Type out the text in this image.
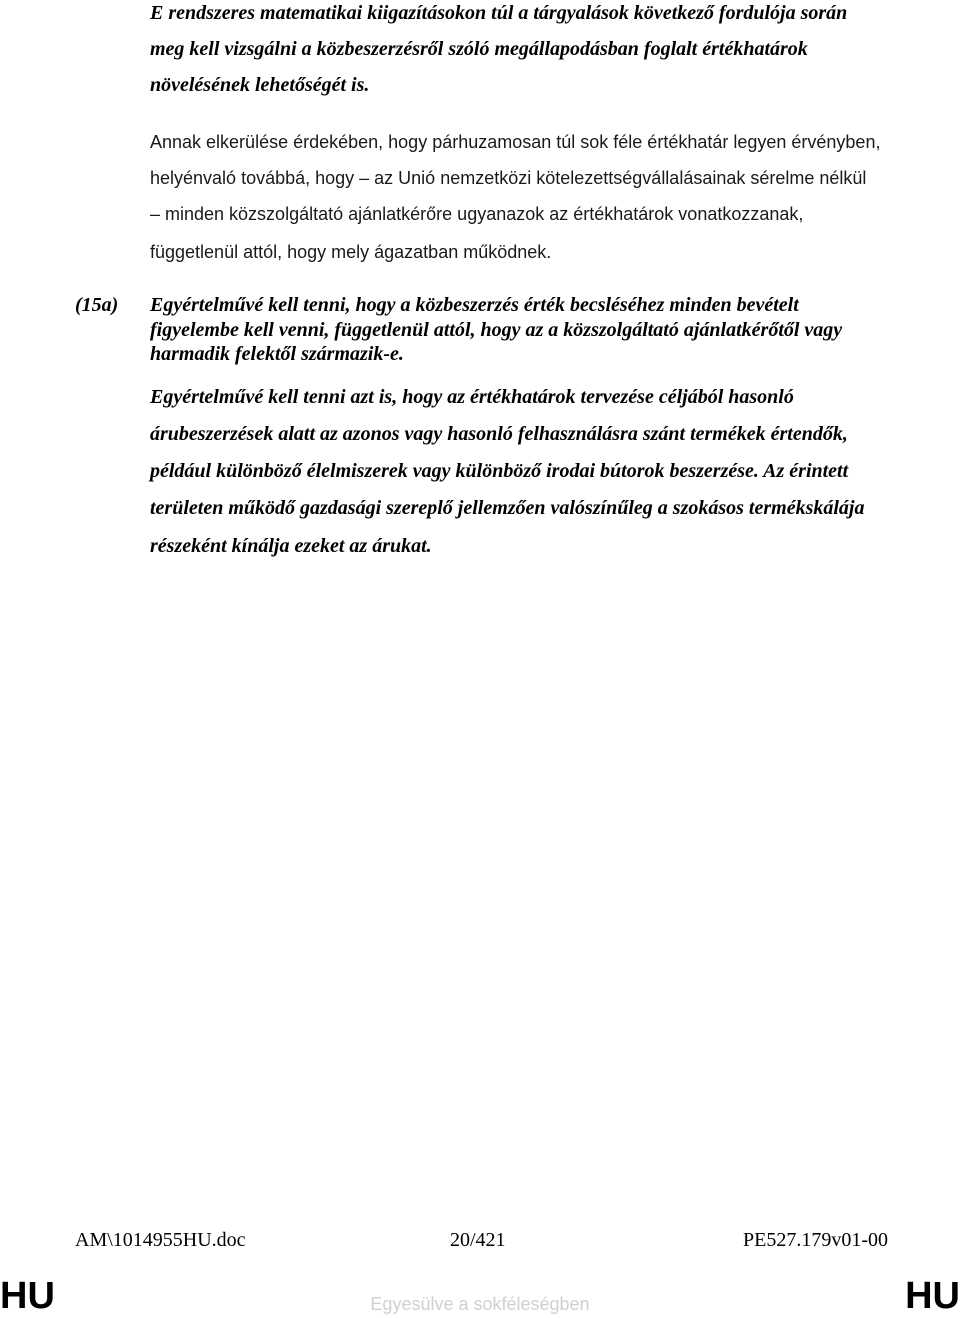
E rendszeres matematikai kiigazításokon túl a tárgyalások következő fordulója során
meg kell vizsgálni a közbeszerzésről szóló megállapodásban foglalt értékhatárok
növelésének lehetőségét is.
Annak elkerülése érdekében, hogy párhuzamosan túl sok féle értékhatár legyen érvényben,
helyénvaló továbbá, hogy – az Unió nemzetközi kötelezettségvállalásainak sérelme nélkül
– minden közszolgáltató ajánlatkérőre ugyanazok az értékhatárok vonatkozzanak,
függetlenül attól, hogy mely ágazatban működnek.
(15a) Egyértelművé kell tenni, hogy a közbeszerzés érték becsléséhez minden bevételt
figyelembe kell venni, függetlenül attól, hogy az a közszolgáltató ajánlatkérőtől vagy
harmadik felektől származik-e.
Egyértelművé kell tenni azt is, hogy az értékhatárok tervezése céljából hasonló
árubeszerzések alatt az azonos vagy hasonló felhasználásra szánt termékek értendők,
például különböző élelmiszerek vagy különböző irodai bútorok beszerzése. Az érintett
területen működő gazdasági szereplő jellemzően valószínűleg a szokásos termékskálája
részeként kínálja ezeket az árukat.
AM\1014955HU.doc	20/421	PE527.179v01-00
HU	Egyesülve a sokféleségben	HU
